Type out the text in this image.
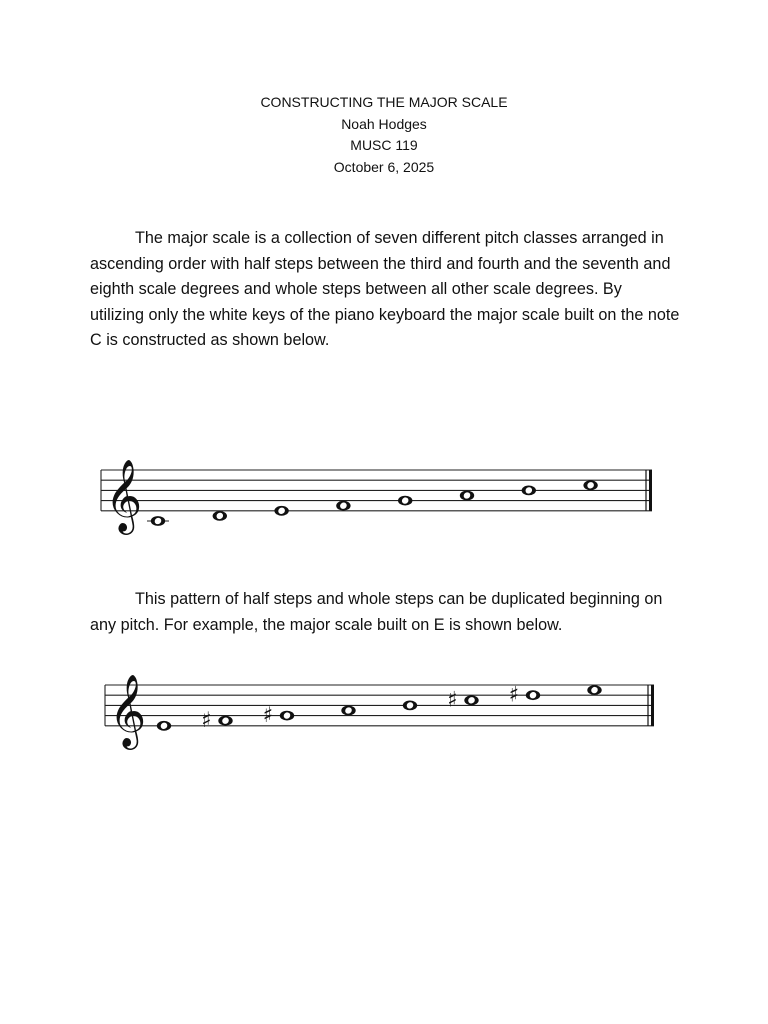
CONSTRUCTING THE MAJOR SCALE
Noah Hodges
MUSC 119
October 6, 2025

The major scale is a collection of seven different pitch classes arranged in ascending order with half steps between the third and fourth and the seventh and eighth scale degrees and whole steps between all other scale degrees. By utilizing only the white keys of the piano keyboard the major scale built on the note C is constructed as shown below.

𝄞

This pattern of half steps and whole steps can be duplicated beginning on any pitch. For example, the major scale built on E is shown below.

𝄞	♯ ♯
♯ ♯
